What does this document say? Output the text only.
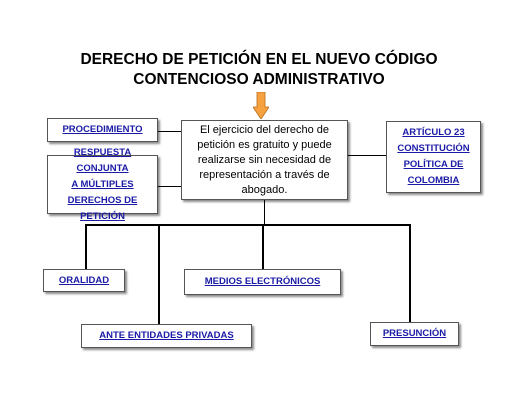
DERECHO DE PETICIÓN EN EL NUEVO CÓDIGO
CONTENCIOSO ADMINISTRATIVO
El ejercicio del derecho de
petición es gratuito y puede
realizarse sin necesidad de
representación a través de
abogado.
PROCEDIMIENTO
RESPUESTA CONJUNTA
A MÚLTIPLES
DERECHOS DE
PETICIÓN
ARTÍCULO 23
CONSTITUCIÓN
POLÍTICA DE
COLOMBIA
ORALIDAD	MEDIOS ELECTRÓNICOS
ANTE ENTIDADES PRIVADAS	PRESUNCIÓN
